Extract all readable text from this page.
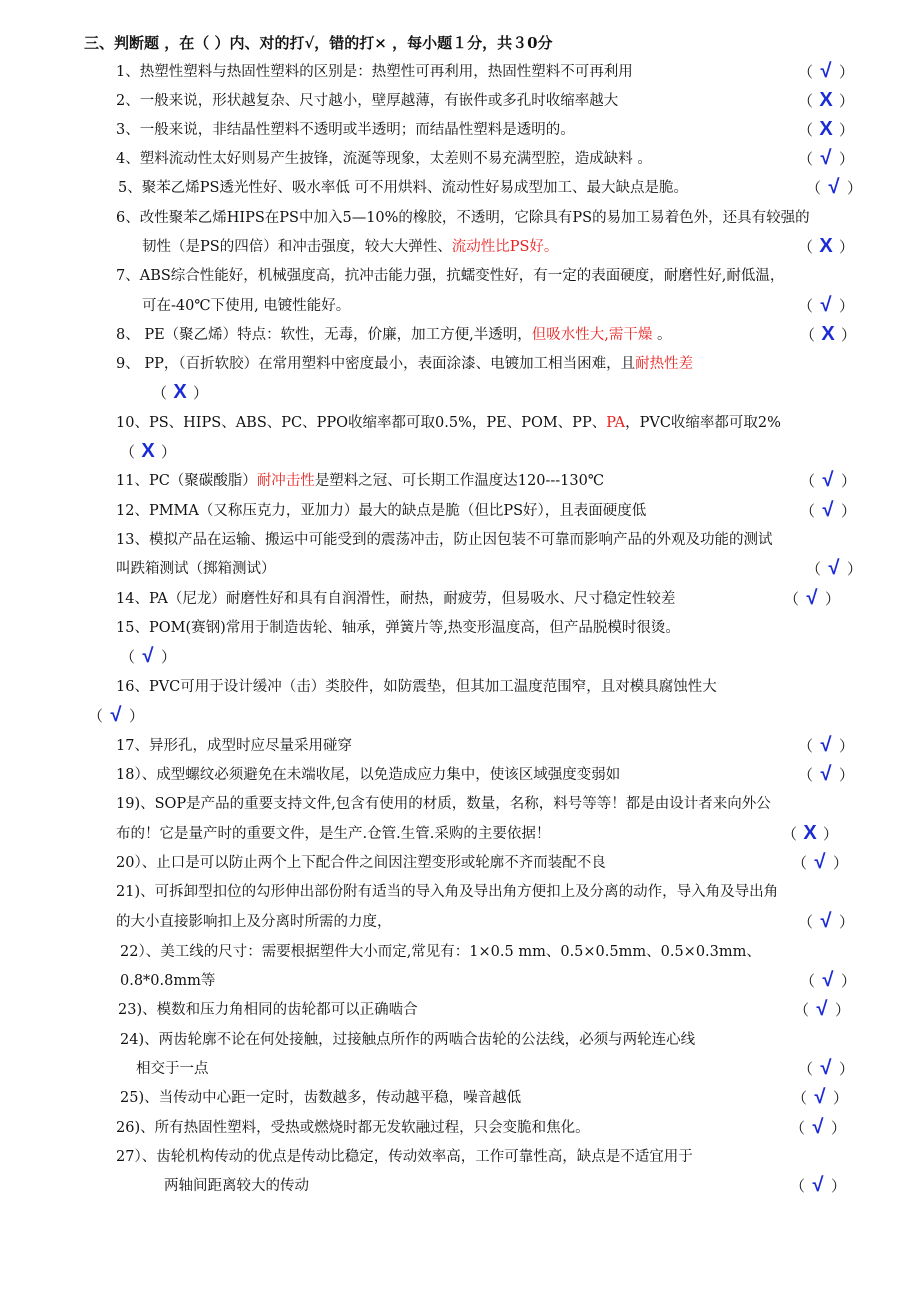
三、判断题 ，在（ ）内、对的打√，错的打× ，每小题１分，共３0分
1、热塑性塑料与热固性塑料的区别是：热塑性可再利用，热固性塑料不可再利用	（ √ ）
2、一般来说，形状越复杂、尺寸越小，壁厚越薄，有嵌件或多孔时收缩率越大	（ X ）
3、一般来说，非结晶性塑料不透明或半透明；而结晶性塑料是透明的。	（ X ）
4、塑料流动性太好则易产生披锋，流涎等现象，太差则不易充满型腔，造成缺料 。	（ √ ）
5、聚苯乙烯PS透光性好、吸水率低 可不用烘料、流动性好易成型加工、最大缺点是脆。	（ √ ）
6、改性聚苯乙烯HIPS在PS中加入5—10%的橡胶，不透明，它除具有PS的易加工易着色外，还具有较强的
韧性（是PS的四倍）和冲击强度，较大大弹性、流动性比PS好。	（ X ）
7、ABS综合性能好，机械强度高，抗冲击能力强，抗蠕变性好，有一定的表面硬度，耐磨性好,耐低温，
可在-40℃下使用, 电镀性能好。	（ √ ）
8、 PE（聚乙烯）特点：软性，无毒，价廉，加工方便,半透明，但吸水性大,需干燥 。	（ X ）
9、 PP，（百折软胶）在常用塑料中密度最小，表面涂漆、电镀加工相当困难，且耐热性差
（ X ）
10、PS、HIPS、ABS、PC、PPO收缩率都可取0.5%，PE、POM、PP、PA，PVC收缩率都可取2%
（ X ）
11、PC（聚碳酸脂）耐冲击性是塑料之冠、可长期工作温度达120---130℃	（ √ ）
12、PMMA（又称压克力，亚加力）最大的缺点是脆（但比PS好），且表面硬度低	（ √ ）
13、模拟产品在运输、搬运中可能受到的震荡冲击，防止因包装不可靠而影响产品的外观及功能的测试
叫跌箱测试（掷箱测试）	（ √ ）
14、PA（尼龙）耐磨性好和具有自润滑性，耐热，耐疲劳，但易吸水、尺寸稳定性较差	（ √ ）
15、POM(赛钢)常用于制造齿轮、轴承，弹簧片等,热变形温度高，但产品脱模时很烫。
（ √ ）
16、PVC可用于设计缓冲（击）类胶件，如防震垫，但其加工温度范围窄，且对模具腐蚀性大
（ √ ）
17、异形孔，成型时应尽量采用碰穿	（ √ ）
18）、成型螺纹必须避免在未端收尾，以免造成应力集中，使该区域强度变弱如	（ √ ）
19)、SOP是产品的重要支持文件,包含有使用的材质，数量，名称，料号等等！都是由设计者来向外公
布的！它是量产时的重要文件，是生产.仓管.生管.采购的主要依据！	（ X ）
20）、止口是可以防止两个上下配合件之间因注塑变形或轮廓不齐而装配不良	（ √ ）
21)、可拆卸型扣位的勾形伸出部份附有适当的导入角及导出角方便扣上及分离的动作，导入角及导出角
的大小直接影响扣上及分离时所需的力度，	（ √ ）
22）、美工线的尺寸：需要根据塑件大小而定,常见有：1×0.5 mm、0.5×0.5mm、0.5×0.3mm、
0.8*0.8mm等	（ √ ）
23)、模数和压力角相同的齿轮都可以正确啮合	（ √ ）
24)、两齿轮廓不论在何处接触，过接触点所作的两啮合齿轮的公法线，必须与两轮连心线
相交于一点	（ √ ）
25)、当传动中心距一定时，齿数越多，传动越平稳，噪音越低	（ √ ）
26)、所有热固性塑料，受热或燃烧时都无发软融过程，只会变脆和焦化。	（ √ ）
27）、齿轮机构传动的优点是传动比稳定，传动效率高，工作可靠性高，缺点是不适宜用于
两轴间距离较大的传动	（ √ ）
